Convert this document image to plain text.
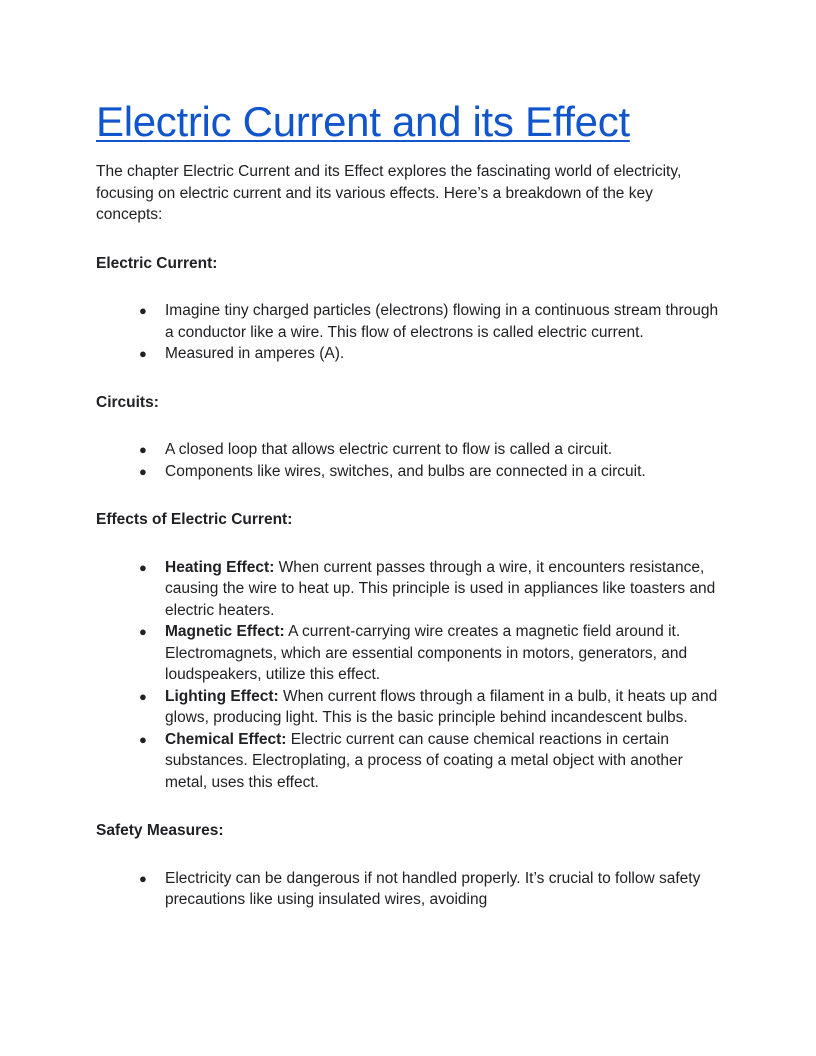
Electric Current and its Effect

The chapter Electric Current and its Effect explores the fascinating world of electricity, focusing on electric current and its various effects. Here’s a breakdown of the key concepts:

Electric Current:

● Imagine tiny charged particles (electrons) flowing in a continuous stream through a conductor like a wire. This flow of electrons is called electric current.
● Measured in amperes (A).

Circuits:

● A closed loop that allows electric current to flow is called a circuit.
● Components like wires, switches, and bulbs are connected in a circuit.

Effects of Electric Current:

● Heating Effect: When current passes through a wire, it encounters resistance, causing the wire to heat up. This principle is used in appliances like toasters and electric heaters.
● Magnetic Effect: A current-carrying wire creates a magnetic field around it. Electromagnets, which are essential components in motors, generators, and loudspeakers, utilize this effect.
● Lighting Effect: When current flows through a filament in a bulb, it heats up and glows, producing light. This is the basic principle behind incandescent bulbs.
● Chemical Effect: Electric current can cause chemical reactions in certain substances. Electroplating, a process of coating a metal object with another metal, uses this effect.

Safety Measures:

● Electricity can be dangerous if not handled properly. It’s crucial to follow safety precautions like using insulated wires, avoiding
